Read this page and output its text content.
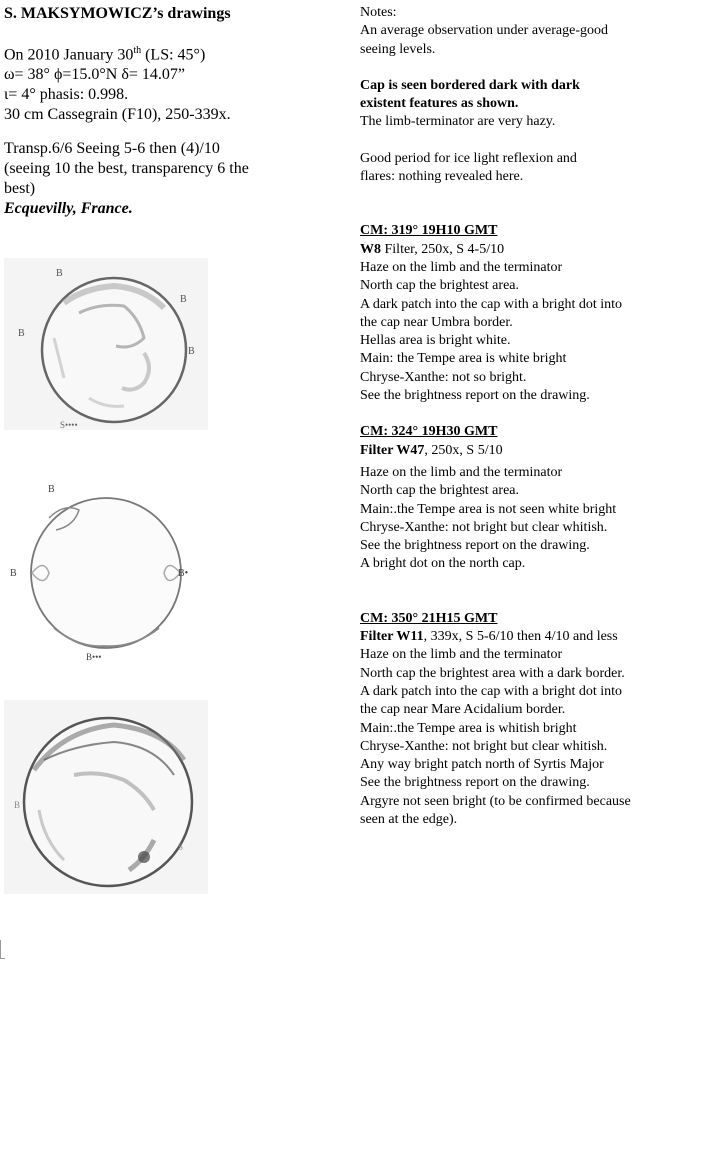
S. MAKSYMOWICZ’s drawings
On 2010 January 30th (LS: 45°)
ω= 38° ϕ=15.0°N δ= 14.07”
ι= 4° phasis: 0.998.
30 cm Cassegrain (F10), 250-339x.
Transp.6/6 Seeing 5-6 then (4)/10
(seeing 10 the best, transparency 6 the
best)
Ecquevilly, France.
B
B
B
B
S••••
B
B	B•
B•••
B
S
Notes:
An average observation under average-good
seeing levels.
Cap is seen bordered dark with dark
existent features as shown.
The limb-terminator are very hazy.
Good period for ice light reflexion and
flares: nothing revealed here.
CM: 319° 19H10 GMT
W8 Filter, 250x, S 4-5/10
Haze on the limb and the terminator
North cap the brightest area.
A dark patch into the cap with a bright dot into
the cap near Umbra border.
Hellas area is bright white.
Main: the Tempe area is white bright
Chryse-Xanthe: not so bright.
See the brightness report on the drawing.
CM: 324° 19H30 GMT
Filter W47, 250x, S 5/10
Haze on the limb and the terminator
North cap the brightest area.
Main:.the Tempe area is not seen white bright
Chryse-Xanthe: not bright but clear whitish.
See the brightness report on the drawing.
A bright dot on the north cap.
CM: 350° 21H15 GMT
Filter W11, 339x, S 5-6/10 then 4/10 and less
Haze on the limb and the terminator
North cap the brightest area with a dark border.
A dark patch into the cap with a bright dot into
the cap near Mare Acidalium border.
Main:.the Tempe area is whitish bright
Chryse-Xanthe: not bright but clear whitish.
Any way bright patch north of Syrtis Major
See the brightness report on the drawing.
Argyre not seen bright (to be confirmed because
seen at the edge).
